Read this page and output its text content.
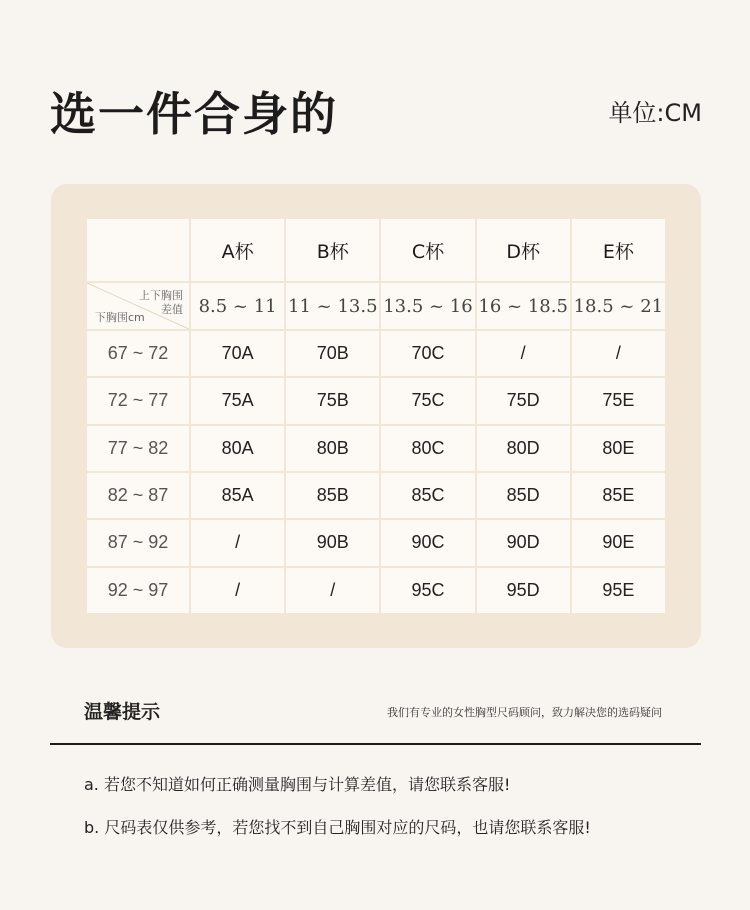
选一件合身的	单位:CM
	A杯	B杯	C杯	D杯	E杯

上下胸围
差值
下胸围cm	8.5 ~ 11	11 ~ 13.5	13.5 ~ 16	16 ~ 18.5	18.5 ~ 21
67 ~ 72	70A	70B	70C	/	/
72 ~ 77	75A	75B	75C	75D	75E
77 ~ 82	80A	80B	80C	80D	80E
82 ~ 87	85A	85B	85C	85D	85E
87 ~ 92	/	90B	90C	90D	90E
92 ~ 97	/	/	95C	95D	95E
温馨提示	我们有专业的女性胸型尺码顾问，致力解决您的选码疑问
a. 若您不知道如何正确测量胸围与计算差值，请您联系客服!
b. 尺码表仅供参考，若您找不到自己胸围对应的尺码，也请您联系客服!
